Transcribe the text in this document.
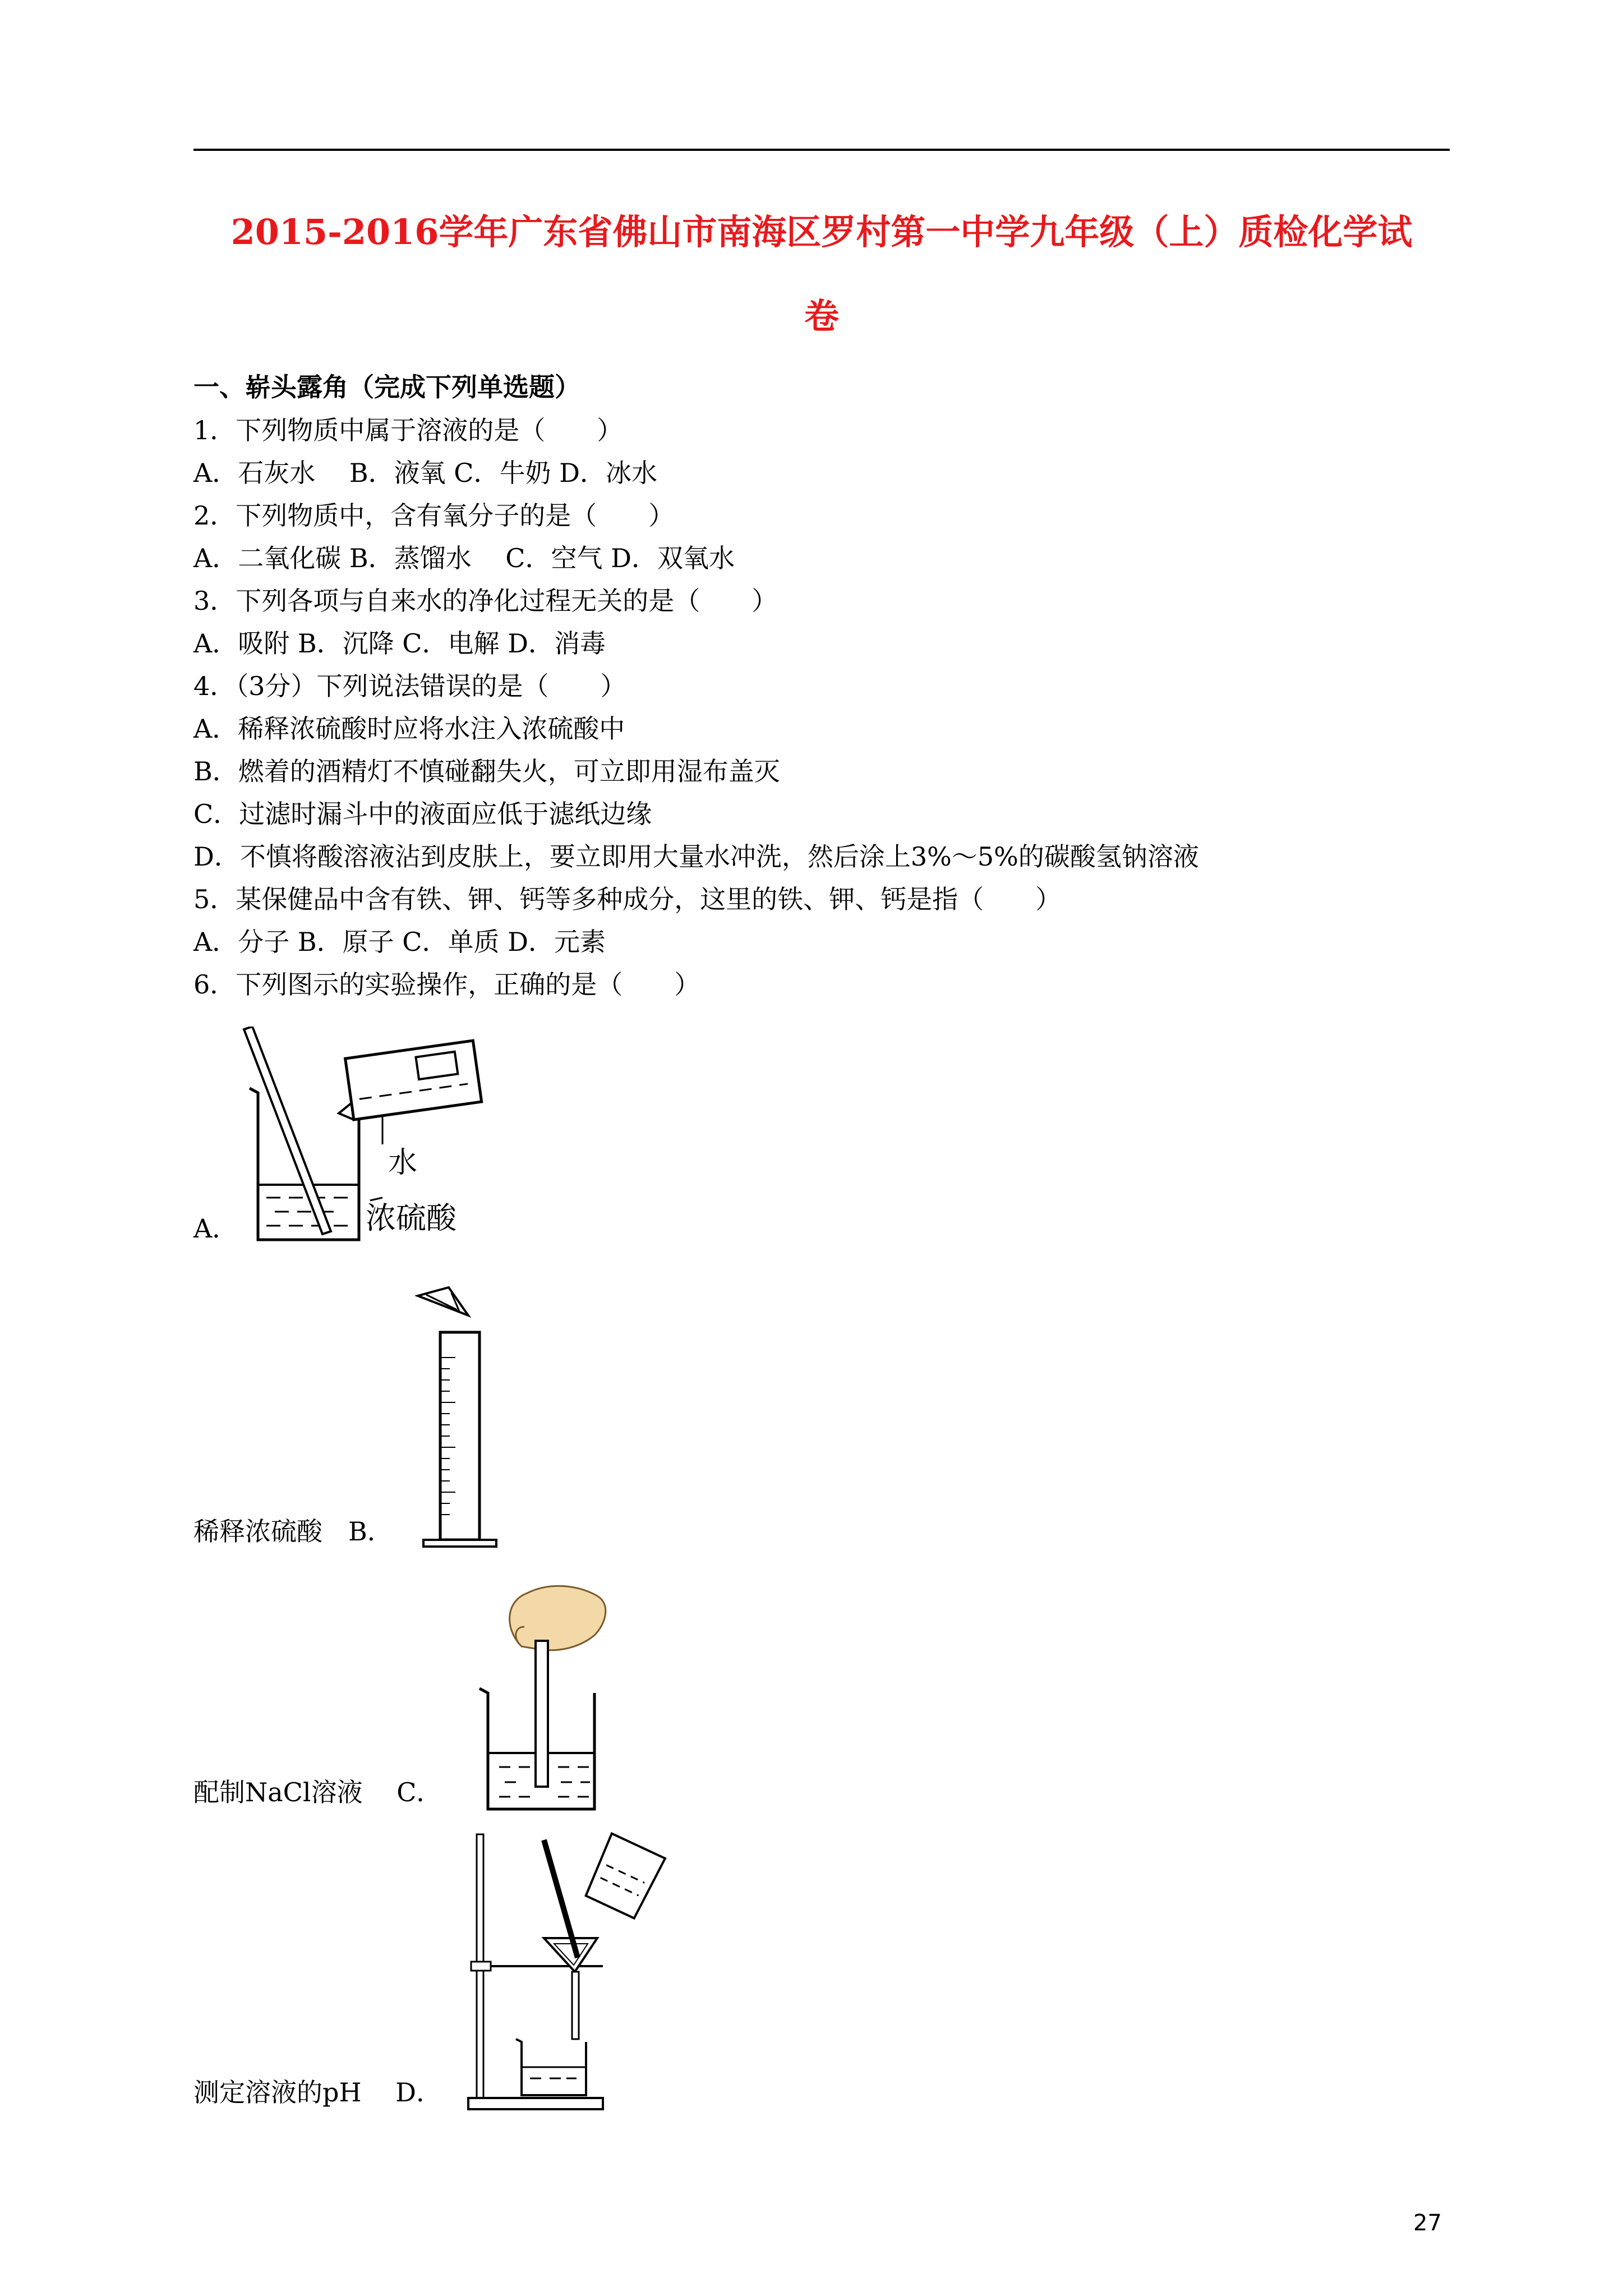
2015-2016学年广东省佛山市南海区罗村第一中学九年级（上）质检化学试
卷
一、崭头露角（完成下列单选题）
1．下列物质中属于溶液的是（　　）
A．石灰水　 B．液氧 C．牛奶 D．冰水
2．下列物质中，含有氧分子的是（　　）
A．二氧化碳 B．蒸馏水　 C．空气 D．双氧水
3．下列各项与自来水的净化过程无关的是（　　）
A．吸附 B．沉降 C．电解 D．消毒
4．（3分）下列说法错误的是（　　）
A．稀释浓硫酸时应将水注入浓硫酸中
B．燃着的酒精灯不慎碰翻失火，可立即用湿布盖灭
C．过滤时漏斗中的液面应低于滤纸边缘
D．不慎将酸溶液沾到皮肤上，要立即用大量水冲洗，然后涂上3%～5%的碳酸氢钠溶液
5．某保健品中含有铁、钾、钙等多种成分，这里的铁、钾、钙是指（　　）
A．分子 B．原子 C．单质 D．元素
6．下列图示的实验操作，正确的是（　　）
A．
水
浓硫酸
稀释浓硫酸　B．
配制NaCl溶液　 C．
测定溶液的pH　 D．
27
